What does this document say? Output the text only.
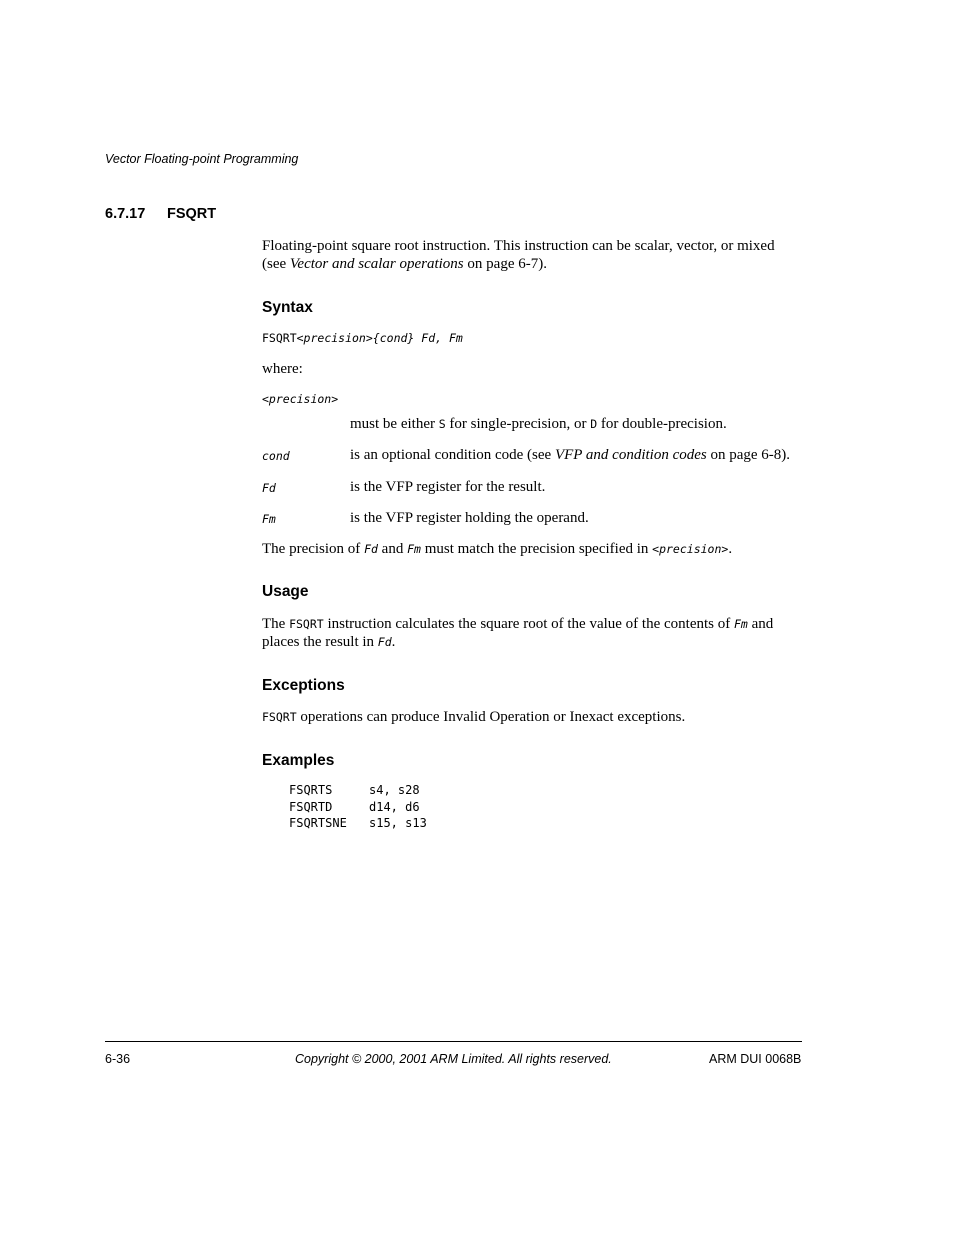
Vector Floating-point Programming
6.7.17 FSQRT
Floating-point square root instruction. This instruction can be scalar, vector, or mixed
(see Vector and scalar operations on page 6-7).
Syntax
FSQRT<precision>{cond} Fd, Fm
where:
<precision>
must be either S for single-precision, or D for double-precision.
cond	is an optional condition code (see VFP and condition codes on page 6-8).
Fd	is the VFP register for the result.
Fm	is the VFP register holding the operand.
The precision of Fd and Fm must match the precision specified in <precision>.
Usage
The FSQRT instruction calculates the square root of the value of the contents of Fm and
places the result in Fd.
Exceptions
FSQRT operations can produce Invalid Operation or Inexact exceptions.
Examples
FSQRTS	s4, s28
FSQRTD	d14, d6
FSQRTSNE s15, s13
6-36	Copyright © 2000, 2001 ARM Limited. All rights reserved.	ARM DUI 0068B
